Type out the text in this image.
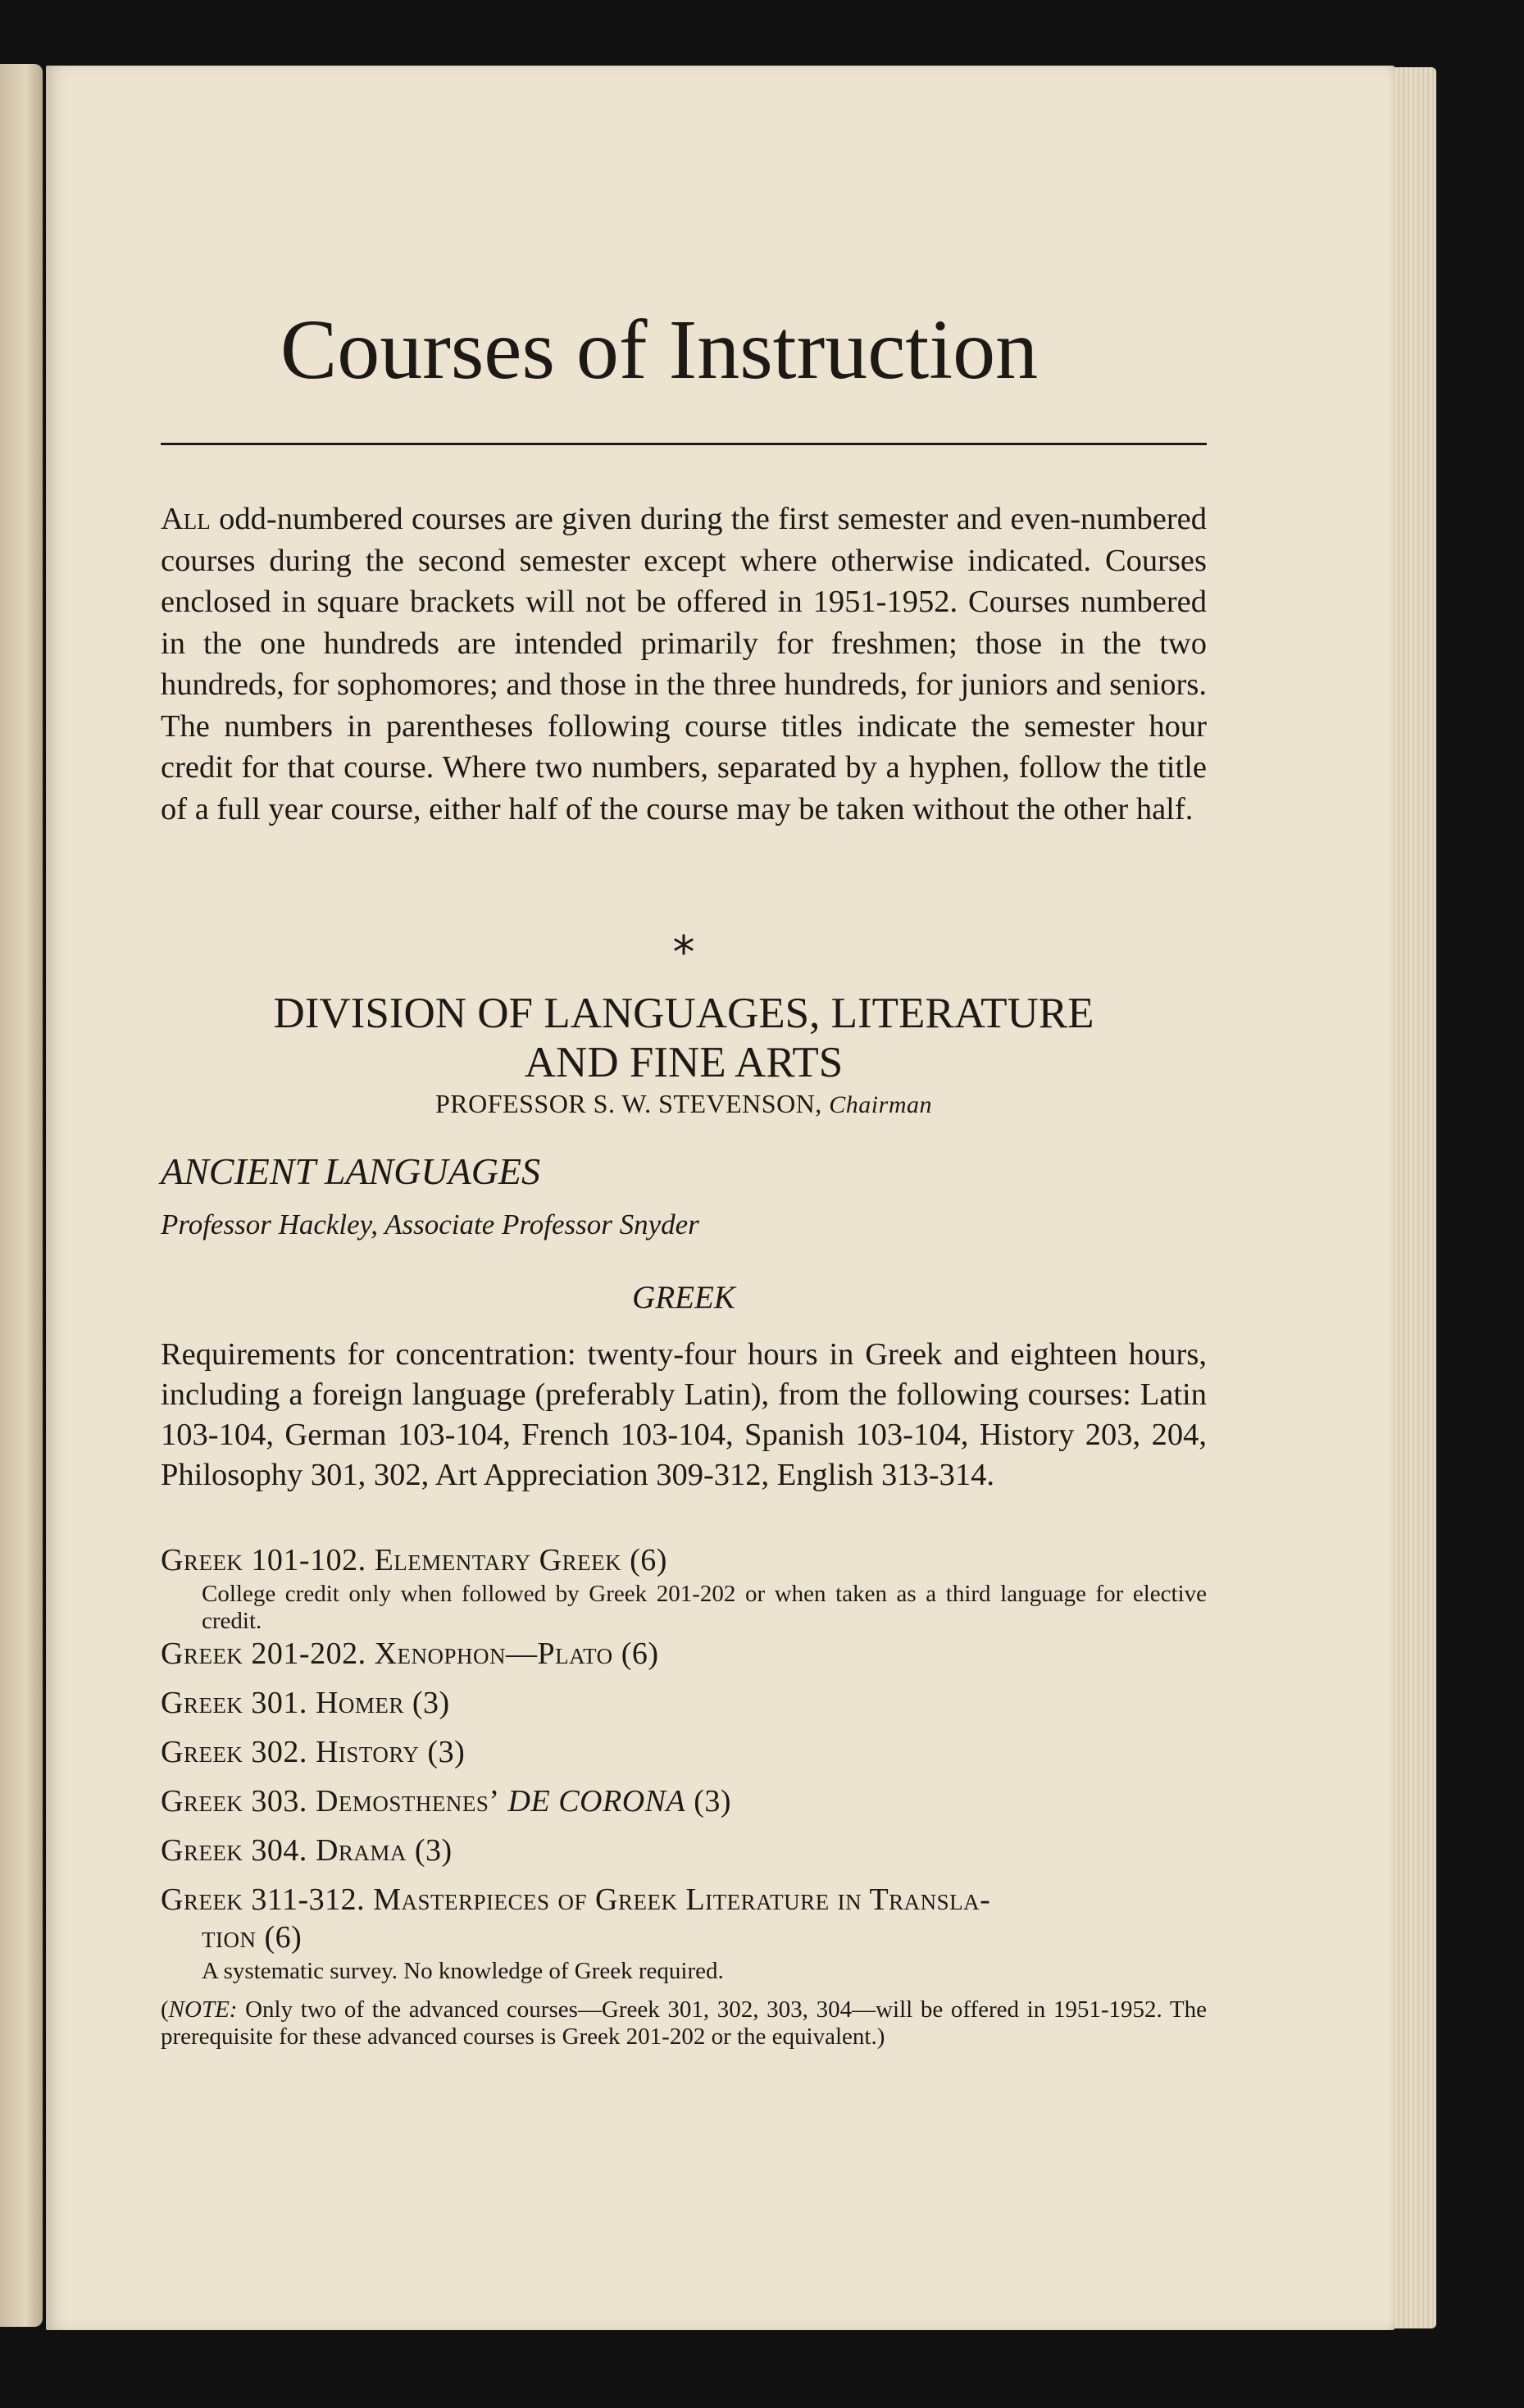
Courses of Instruction

All odd-numbered courses are given during the first semester and even-numbered courses during the second semester except where otherwise indicated. Courses enclosed in square brackets will not be offered in 1951-1952. Courses numbered in the one hundreds are intended primarily for freshmen; those in the two hundreds, for sophomores; and those in the three hundreds, for juniors and seniors. The numbers in parentheses following course titles indicate the semester hour credit for that course. Where two numbers, separated by a hyphen, follow the title of a full year course, either half of the course may be taken without the other half.

*
DIVISION OF LANGUAGES, LITERATURE
AND FINE ARTS
PROFESSOR S. W. STEVENSON, Chairman
ANCIENT LANGUAGES
Professor Hackley, Associate Professor Snyder
GREEK

Requirements for concentration: twenty-four hours in Greek and eighteen hours, including a foreign language (preferably Latin), from the following courses: Latin 103-104, German 103-104, French 103-104, Spanish 103-104, History 203, 204, Philosophy 301, 302, Art Appreciation 309-312, English 313-314.

Greek 101-102. Elementary Greek (6)

College credit only when followed by Greek 201-202 or when taken as a third language for elective credit.

Greek 201-202. Xenophon—Plato (6)

Greek 301. Homer (3)

Greek 302. History (3)

Greek 303. Demosthenes’ DE CORONA (3)

Greek 304. Drama (3)

Greek 311-312. Masterpieces of Greek Literature in Transla-
tion (6)

A systematic survey. No knowledge of Greek required.

(NOTE: Only two of the advanced courses—Greek 301, 302, 303, 304—will be offered in 1951-1952. The prerequisite for these advanced courses is Greek 201-202 or the equivalent.)
